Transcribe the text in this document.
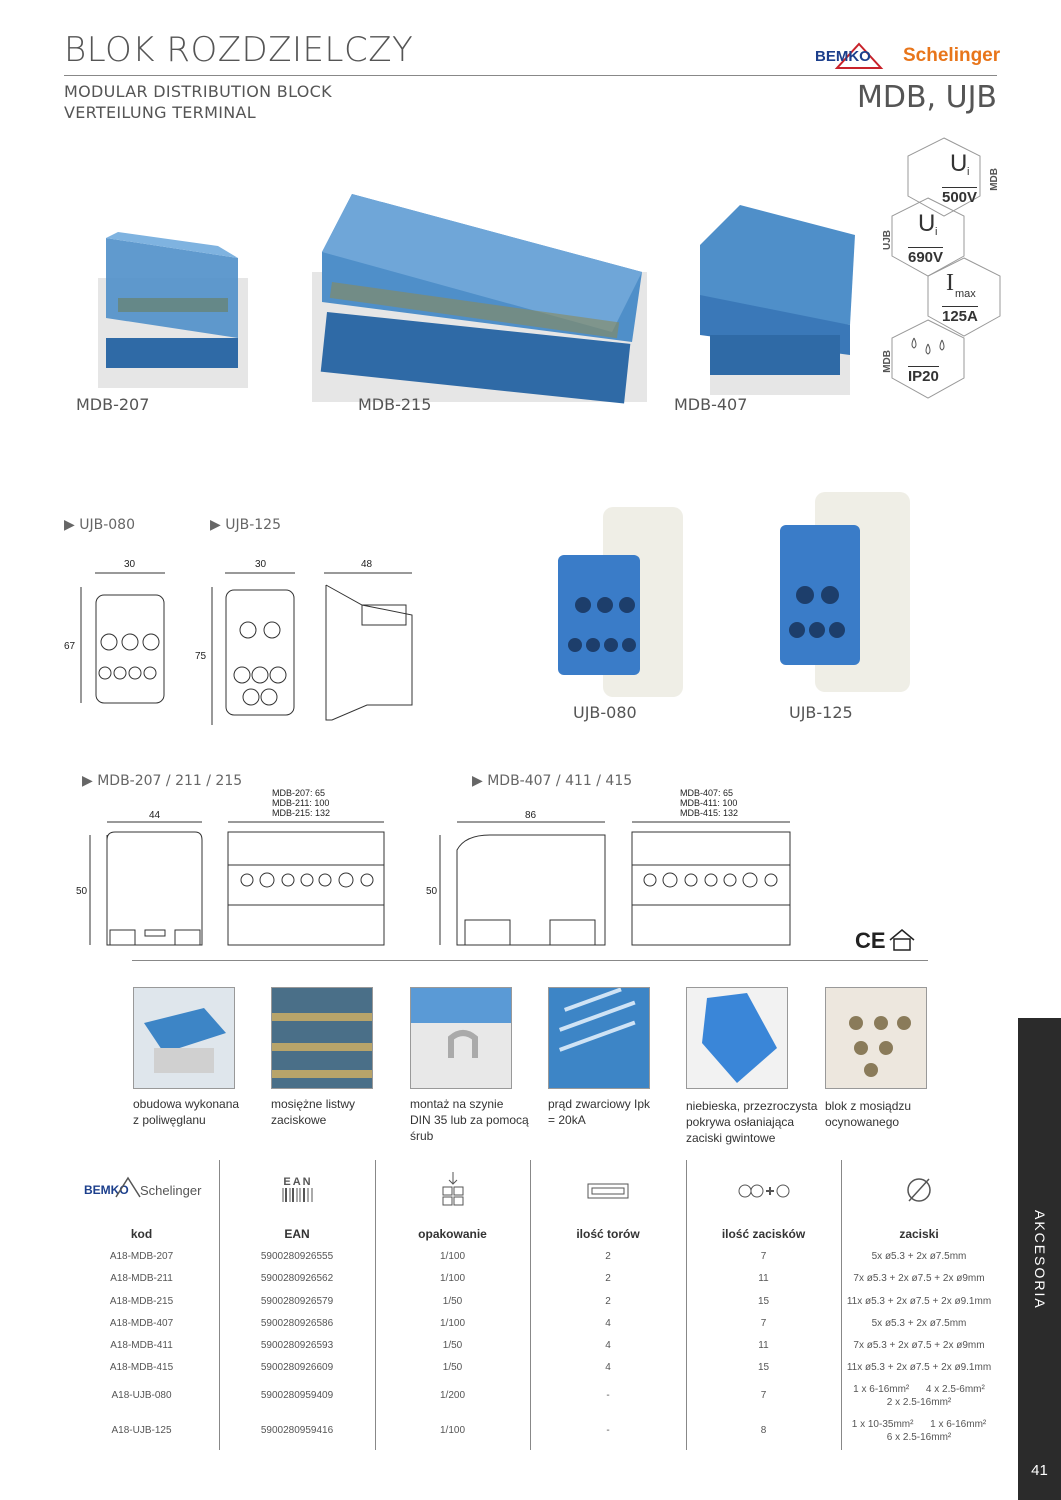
BLOK ROZDZIELCZY
MODULAR DISTRIBUTION BLOCK
VERTEILUNG TERMINAL
BEMKO Schelinger
MDB, UJB
MDB-207	MDB-215	MDB-407
U i
500V
MDB
U i
690V
UJB
I max
125A
IP20
MDB
▶ UJB-080	▶ UJB-125
30
67
30
75
48
UJB-080	UJB-125
▶ MDB-207 / 211 / 215	▶ MDB-407 / 411 / 415
MDB-207: 65
MDB-211: 100
MDB-215: 132
MDB-407: 65
MDB-411: 100
MDB-415: 132
44
50
86
50
CE
obudowa wykonana
z poliwęglanu
mosiężne listwy
zaciskowe
montaż na szynie
DIN 35 lub za pomocą
śrub
prąd zwarciowy Ipk
= 20kA
niebieska, przezroczysta
pokrywa osłaniająca
zaciski gwintowe
blok z mosiądzu
ocynowanego
BEMKO Schelinger
EAN
kod	EAN	opakowanie	ilość torów	ilość zacisków	zaciski
A18-MDB-207	5900280926555	1/100	2	7	5x ø5.3 + 2x ø7.5mm
A18-MDB-211	5900280926562	1/100	2	11	7x ø5.3 + 2x ø7.5 + 2x ø9mm
A18-MDB-215	5900280926579	1/50	2	15	11x ø5.3 + 2x ø7.5 + 2x ø9.1mm
A18-MDB-407	5900280926586	1/100	4	7	5x ø5.3 + 2x ø7.5mm
A18-MDB-411	5900280926593	1/50	4	11	7x ø5.3 + 2x ø7.5 + 2x ø9mm
A18-MDB-415	5900280926609	1/50	4	15	11x ø5.3 + 2x ø7.5 + 2x ø9.1mm
A18-UJB-080	5900280959409	1/200	-	7
1 x 6-16mm²      4 x 2.5-6mm²
2 x 2.5-16mm²
A18-UJB-125	5900280959416	1/100	-	8
1 x 10-35mm²      1 x 6-16mm²
6 x 2.5-16mm²
AKCESORIA
41
